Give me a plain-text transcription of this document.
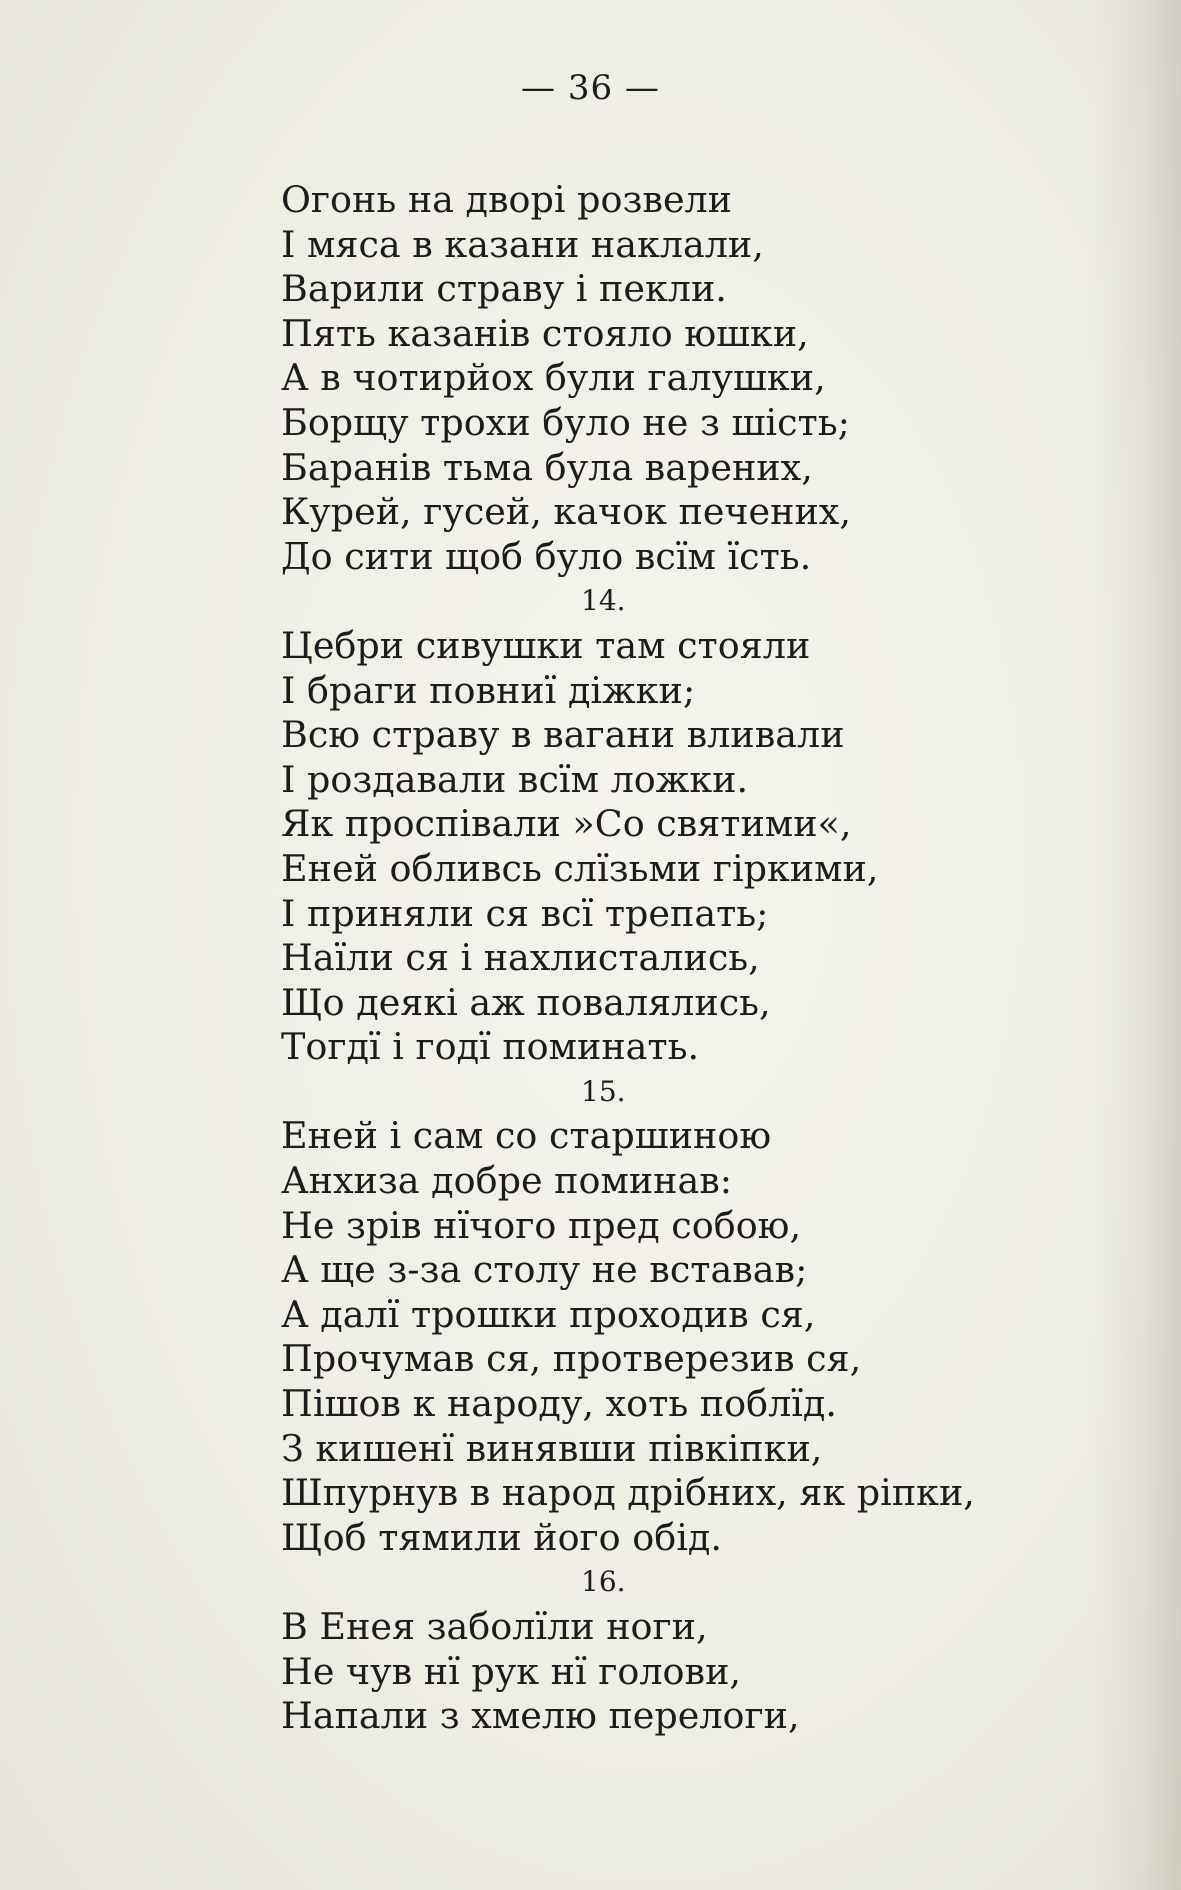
— 36 —
Огонь на дворі розвели
І мяса в казани наклали,
Варили страву і пекли.
Пять казанів стояло юшки,
А в чотирйох були галушки,
Борщу трохи було не з шість;
Баранів тьма була варених,
Курей, гусей, качок печених,
До сити щоб було всїм їсть.
14.
Цебри сивушки там стояли
І браги повниї діжки;
Всю страву в вагани вливали
І роздавали всїм ложки.
Як проспівали »Со святими«,
Еней обливсь слїзьми гіркими,
І приняли ся всї трепать;
Наїли ся і нахлистались,
Що деякі аж повалялись,
Тогдї і годї поминать.
15.
Еней і сам со старшиною
Анхиза добре поминав:
Не зрів нїчого пред собою,
А ще з-за столу не вставав;
А далї трошки проходив ся,
Прочумав ся, протверезив ся,
Пішов к народу, хоть поблїд.
З кишенї винявши півкіпки,
Шпурнув в народ дрібних, як ріпки,
Щоб тямили його обід.
16.
В Енея заболїли ноги,
Не чув нї рук нї голови,
Напали з хмелю перелоги,
